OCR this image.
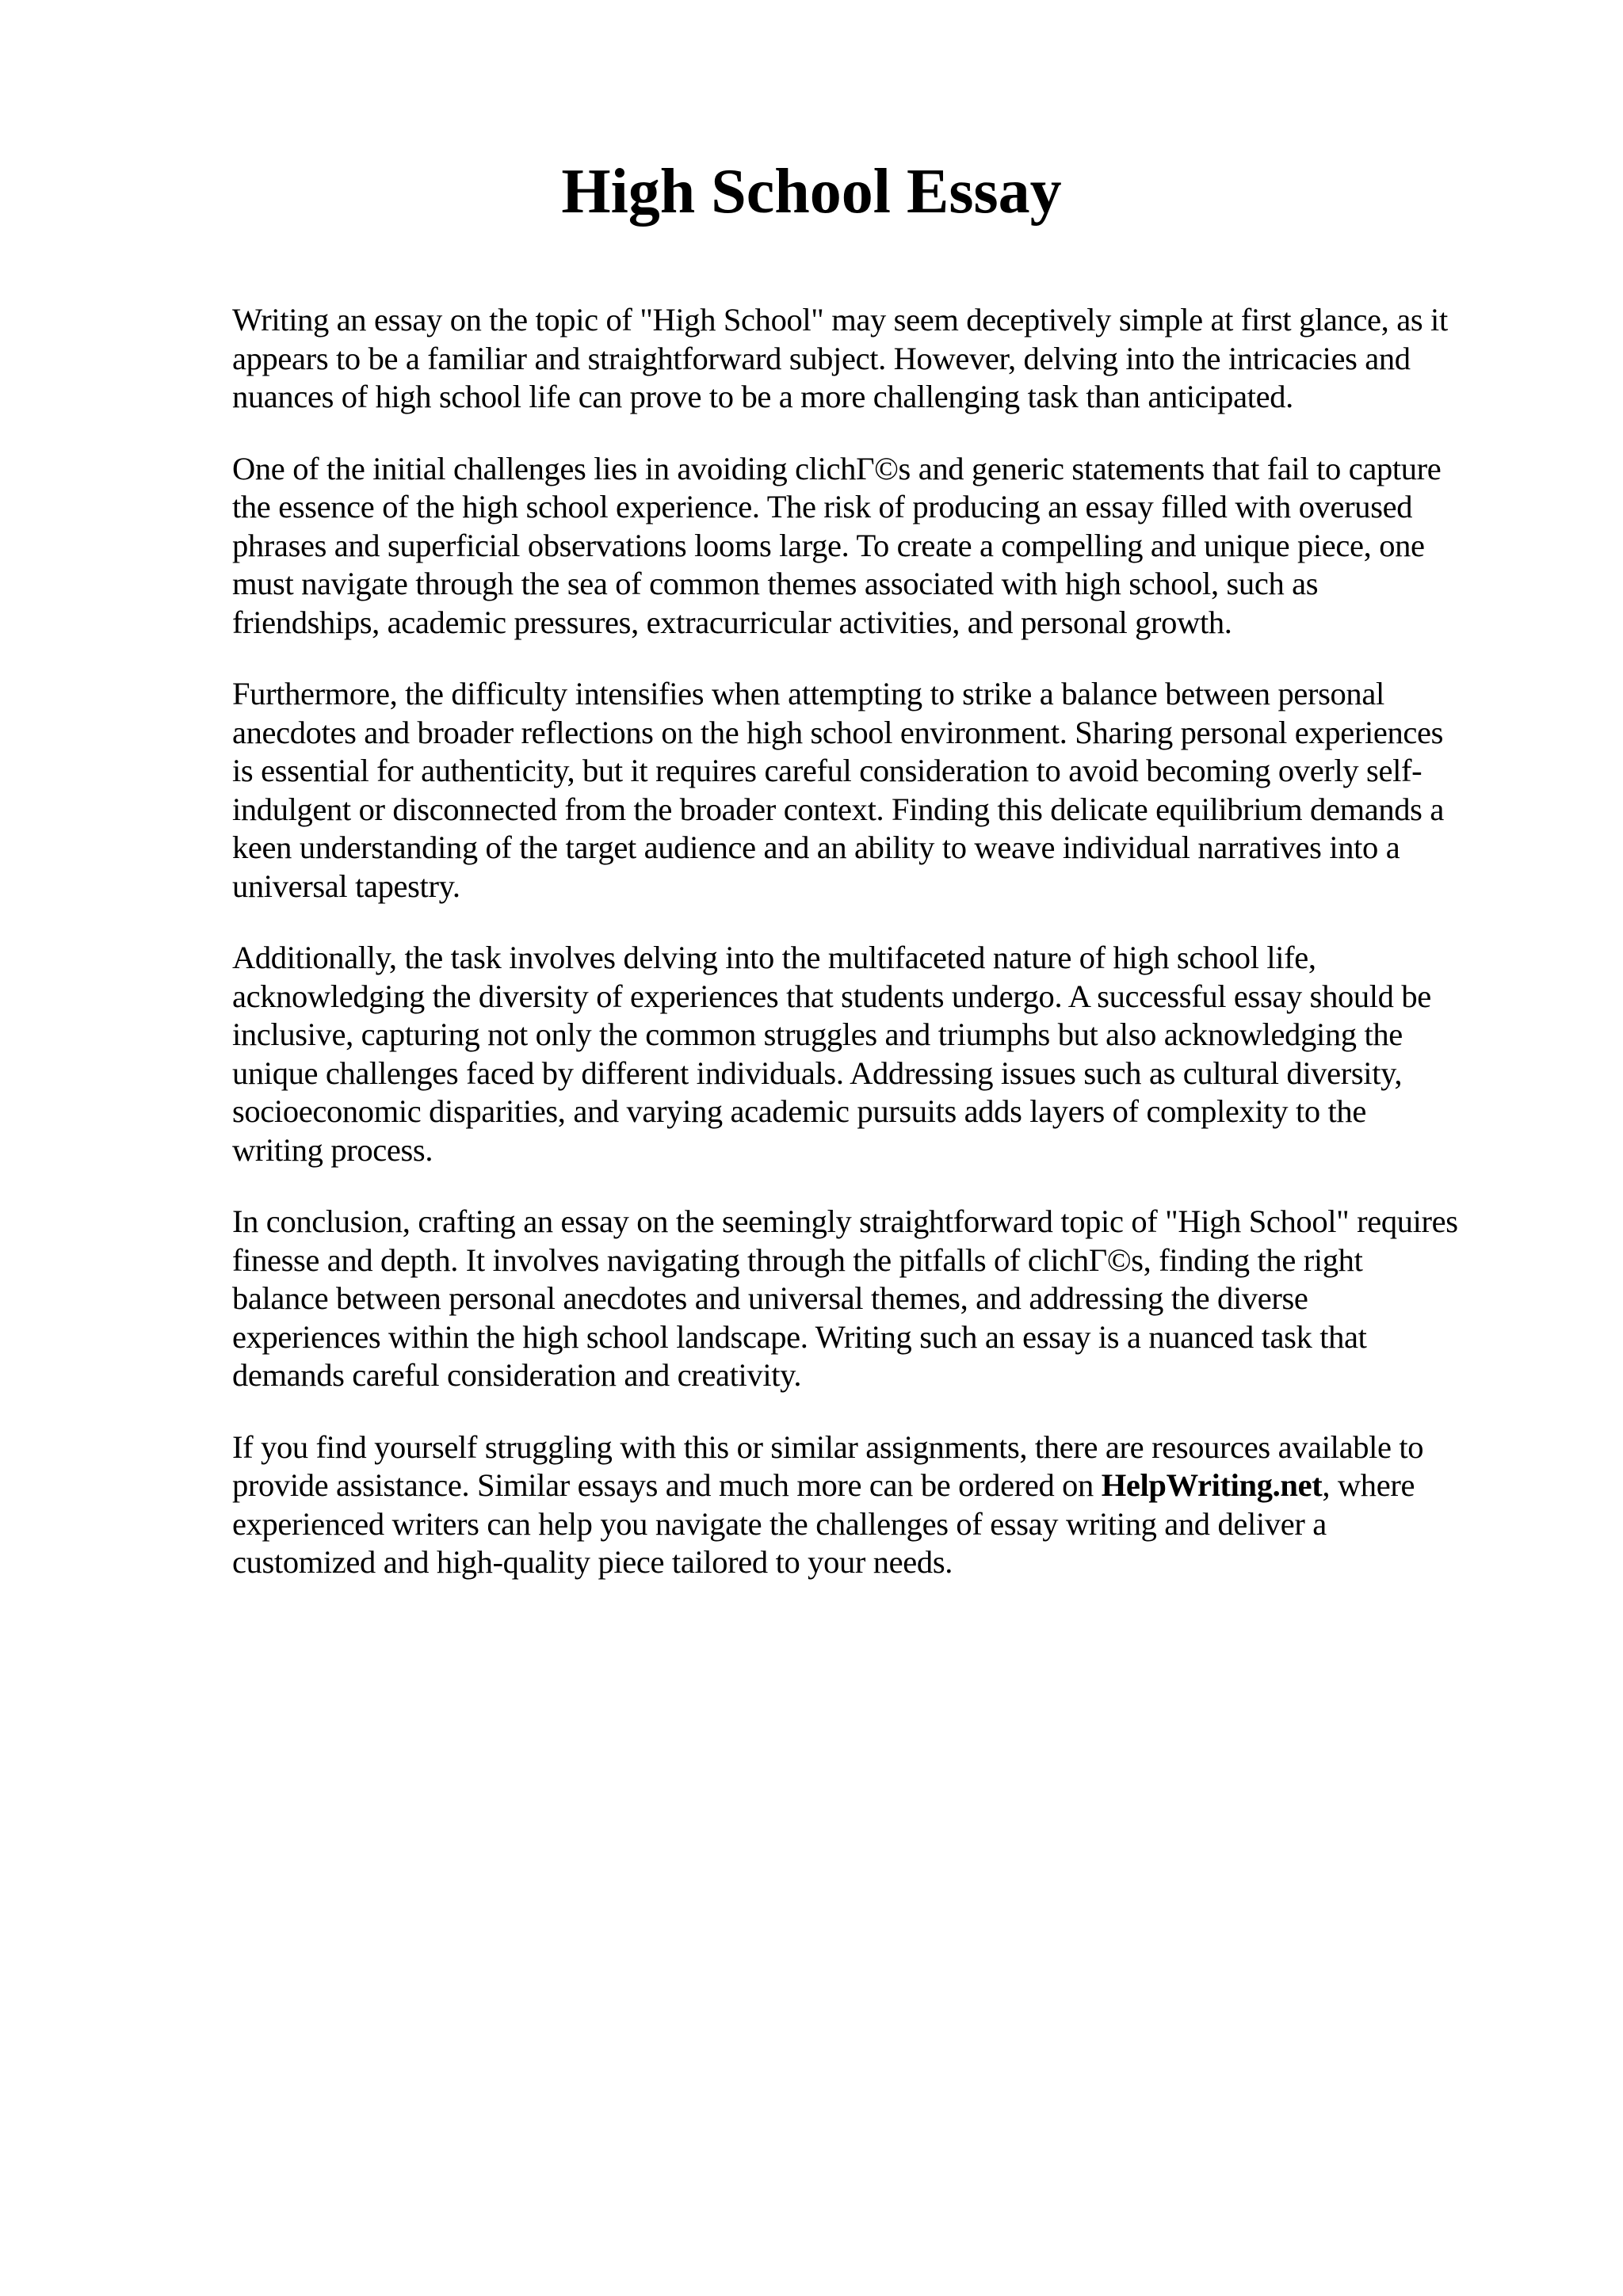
High School Essay

Writing an essay on the topic of "High School" may seem deceptively simple at first glance, as it
appears to be a familiar and straightforward subject. However, delving into the intricacies and
nuances of high school life can prove to be a more challenging task than anticipated.

One of the initial challenges lies in avoiding clichГ©s and generic statements that fail to capture
the essence of the high school experience. The risk of producing an essay filled with overused
phrases and superficial observations looms large. To create a compelling and unique piece, one
must navigate through the sea of common themes associated with high school, such as
friendships, academic pressures, extracurricular activities, and personal growth.

Furthermore, the difficulty intensifies when attempting to strike a balance between personal
anecdotes and broader reflections on the high school environment. Sharing personal experiences
is essential for authenticity, but it requires careful consideration to avoid becoming overly self-
indulgent or disconnected from the broader context. Finding this delicate equilibrium demands a
keen understanding of the target audience and an ability to weave individual narratives into a
universal tapestry.

Additionally, the task involves delving into the multifaceted nature of high school life,
acknowledging the diversity of experiences that students undergo. A successful essay should be
inclusive, capturing not only the common struggles and triumphs but also acknowledging the
unique challenges faced by different individuals. Addressing issues such as cultural diversity,
socioeconomic disparities, and varying academic pursuits adds layers of complexity to the
writing process.

In conclusion, crafting an essay on the seemingly straightforward topic of "High School" requires
finesse and depth. It involves navigating through the pitfalls of clichГ©s, finding the right
balance between personal anecdotes and universal themes, and addressing the diverse
experiences within the high school landscape. Writing such an essay is a nuanced task that
demands careful consideration and creativity.

If you find yourself struggling with this or similar assignments, there are resources available to
provide assistance. Similar essays and much more can be ordered on HelpWriting.net, where
experienced writers can help you navigate the challenges of essay writing and deliver a
customized and high-quality piece tailored to your needs.
